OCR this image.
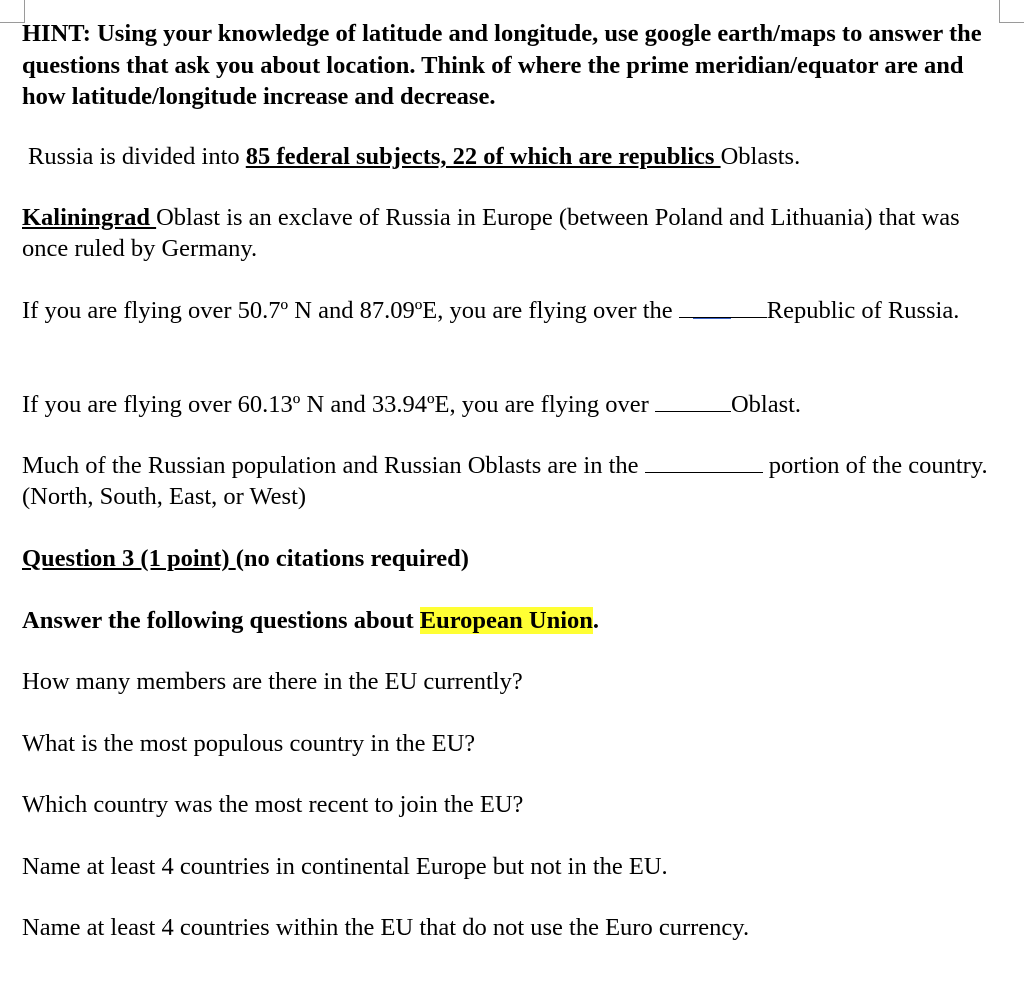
HINT: Using your knowledge of latitude and longitude, use google earth/maps to answer the questions that ask you about location. Think of where the prime meridian/equator are and how latitude/longitude increase and decrease.

Russia is divided into 85 federal subjects, 22 of which are republics Oblasts.

Kaliningrad Oblast is an exclave of Russia in Europe (between Poland and Lithuania) that was once ruled by Germany.

If you are flying over 50.7º N and 87.09ºE, you are flying over the	Republic of Russia.

If you are flying over 60.13º N and 33.94ºE, you are flying over	Oblast.

Much of the Russian population and Russian Oblasts are in the	portion of the country. (North, South, East, or West)

Question 3 (1 point) (no citations required)

Answer the following questions about European Union.

How many members are there in the EU currently?

What is the most populous country in the EU?

Which country was the most recent to join the EU?

Name at least 4 countries in continental Europe but not in the EU.

Name at least 4 countries within the EU that do not use the Euro currency.
